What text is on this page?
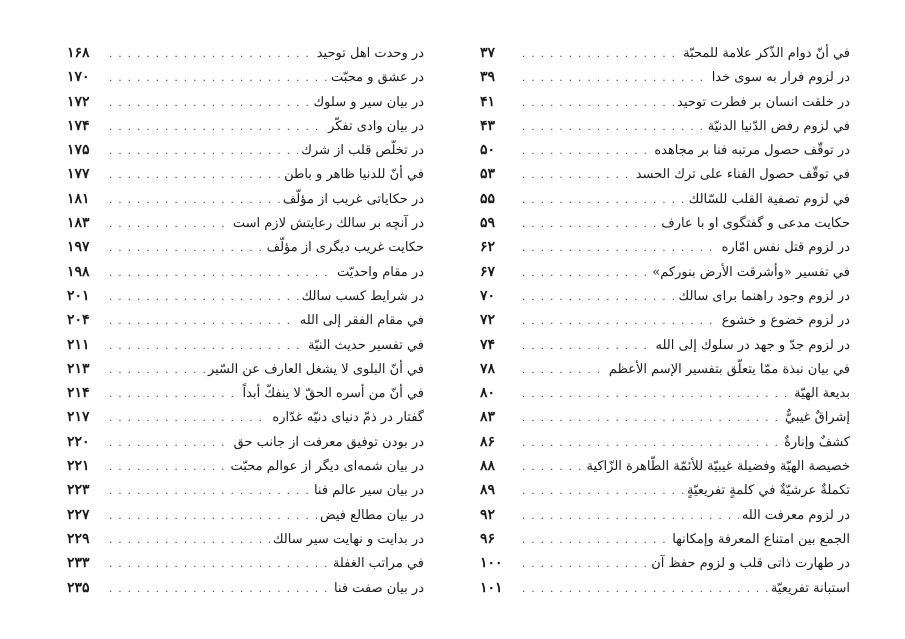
في أنّ دوام الذّكر علامة للمحبّة
. . .
۳۷
در لزوم فرار به سوى خدا
. . .
۳۹
در خلقت انسان بر فطرت توحيد
. . .
۴۱
في لزوم رفض الدّنيا الدنيّة
. . .
۴۳
در توقّف حصول مرتبه فنا بر مجاهده
. . .
۵۰
في توقّف حصول الفناء على ترك الحسد
. . .
۵۳
في لزوم تصفية القلب للسّالك
. . .
۵۵
حكايت مدعى و گفتگوى او با عارف
. . .
۵۹
در لزوم قتل نفس امّاره
. . .
۶۲
في تفسير «وأشرقت الأرض بنوركم»
. . .
۶۷
در لزوم وجود راهنما براى سالك
. . .
۷۰
در لزوم خضوع و خشوع
. . .
۷۲
در لزوم جدّ و جهد در سلوك إلى الله
. . .
۷۴
في بيان نبذة ممّا يتعلّق بتفسير الإسم الأعظم
. . .
۷۸
بديعة الهيّة
. . .
۸۰
إشراقٌ غيبيٌّ
. . .
۸۳
كشفٌ وإنارةٌ
. . .
۸۶
خصيصة الهيّة وفضيلة غيبيّة للأئمّة الطّاهرة الزّاكية
. . .
۸۸
تكملةٌ عرشيّةٌ في كلمةٍ تفريعيّةٍ
. . .
۸۹
در لزوم معرفت الله
. . .
۹۲
الجمع بين امتناع المعرفة وإمكانها
. . .
۹۶
در طهارت ذاتى قلب و لزوم حفظ آن
. . .
۱۰۰
استبانة تفريعيّة
. . .
۱۰۱
در وحدت اهل توحيد
. . .
۱۶۸
در عشق و محبّت
. . .
۱۷۰
در بيان سير و سلوك
. . .
۱۷۲
در بيان وادى تفكّر
. . .
۱۷۴
در تخلّص قلب از شرك
. . .
۱۷۵
في أنّ للدنيا ظاهر و باطن
. . .
۱۷۷
در حكاياتى غريب از مؤلّف
. . .
۱۸۱
در آنچه بر سالك رعايتش لازم است
. . .
۱۸۳
حكايت غريب ديگرى از مؤلّف
. . .
۱۹۷
در مقام واحديّت
. . .
۱۹۸
در شرايط كسب سالك
. . .
۲۰۱
في مقام الفقر إلى الله
. . .
۲۰۴
في تفسير حديث النيّة
. . .
۲۱۱
في أنّ البلوى لا يشغل العارف عن السّير
. . .
۲۱۳
في أنّ من أسره الحقّ لا ينفكّ أبداً
. . .
۲۱۴
گفتار در ذمّ دنياى دنيّه غدّاره
. . .
۲۱۷
در بودن توفيق معرفت از جانب حق
. . .
۲۲۰
در بيان شمه‌اى ديگر از عوالم محبّت
. . .
۲۲۱
در بيان سير عالم فنا
. . .
۲۲۳
در بيان مطالع فيض
. . .
۲۲۷
در بدايت و نهايت سير سالك
. . .
۲۲۹
في مراتب الغفلة
. . .
۲۳۳
در بيان صفت فنا
. . .
۲۳۵
